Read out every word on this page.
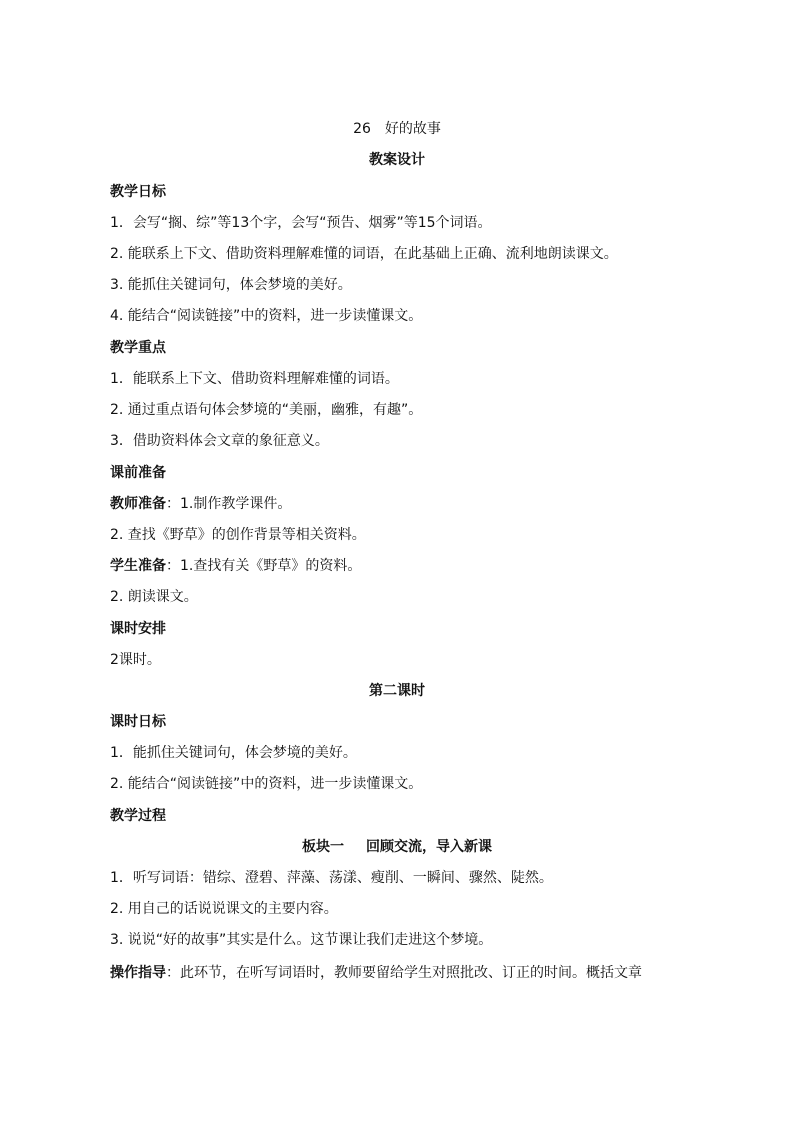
26 好的故事
教案设计
教学日标
1．会写“搁、综”等13个字，会写“预告、烟雾”等15个词语。
2. 能联系上下文、借助资料理解难懂的词语，在此基础上正确、流利地朗读课文。
3. 能抓住关键词句，体会梦境的美好。
4. 能结合“阅读链接”中的资料，进一步读懂课文。
教学重点
1．能联系上下文、借助资料理解难懂的词语。
2. 通过重点语句体会梦境的“美丽，幽雅，有趣”。
3．借助资料体会文章的象征意义。
课前准备
教师准备：1.制作教学课件。
2. 查找《野草》的创作背景等相关资料。
学生准备：1.查找有关《野草》的资料。
2. 朗读课文。
课时安排
2课时。
第二课时
课时日标
1．能抓住关键词句，体会梦境的美好。
2. 能结合“阅读链接”中的资料，进一步读懂课文。
教学过程
板块一 回顾交流，导入新课
1．听写词语：错综、澄碧、萍藻、荡漾、瘦削、一瞬间、骤然、陡然。
2. 用自己的话说说课文的主要内容。
3. 说说“好的故事”其实是什么。这节课让我们走进这个梦境。
操作指导：此环节，在听写词语时，教师要留给学生对照批改、订正的时间。概括文章
